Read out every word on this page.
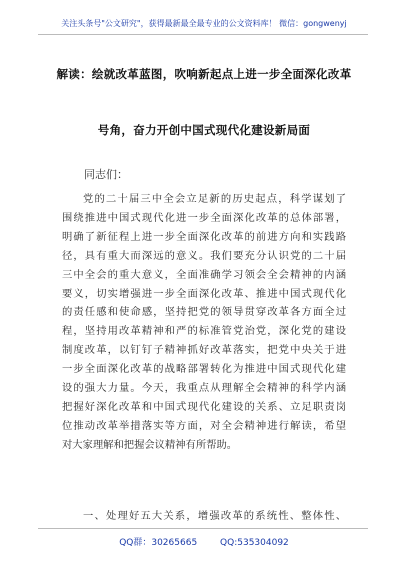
关注头条号"公文研究"，获得最新最全最专业的公文资料库！ 微信：gongwenyj
解读：绘就改革蓝图，吹响新起点上进一步全面深化改革
号角，奋力开创中国式现代化建设新局面
同志们：
党的二十届三中全会立足新的历史起点，科学谋划了
围绕推进中国式现代化进一步全面深化改革的总体部署，
明确了新征程上进一步全面深化改革的前进方向和实践路
径，具有重大而深远的意义。我们要充分认识党的二十届
三中全会的重大意义，全面准确学习领会全会精神的内涵
要义，切实增强进一步全面深化改革、推进中国式现代化
的责任感和使命感，坚持把党的领导贯穿改革各方面全过
程，坚持用改革精神和严的标准管党治党，深化党的建设
制度改革，以钉钉子精神抓好改革落实，把党中央关于进
一步全面深化改革的战略部署转化为推进中国式现代化建
设的强大力量。今天，我重点从理解全会精神的科学内涵
把握好深化改革和中国式现代化建设的关系、立足职责岗
位推动改革举措落实等方面，对全会精神进行解读，希望
对大家理解和把握会议精神有所帮助。
一、处理好五大关系，增强改革的系统性、整体性、
QQ群：30265665	QQ:535304092
